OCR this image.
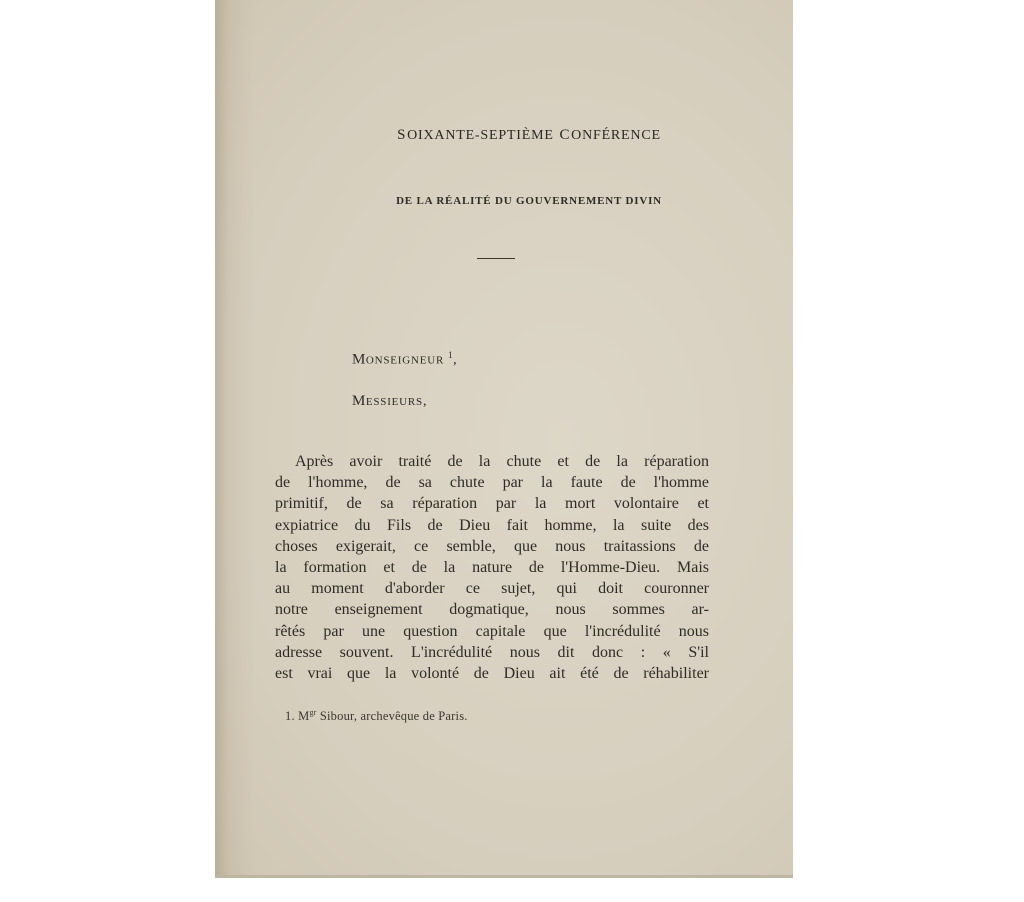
SOIXANTE-SEPTIÈME CONFÉRENCE
DE LA RÉALITÉ DU GOUVERNEMENT DIVIN
MONSEIGNEUR $^1$,
MESSIEURS,
Après avoir traité de la chute et de la réparation
de l'homme, de sa chute par la faute de l'homme
primitif, de sa réparation par la mort volontaire et
expiatrice du Fils de Dieu fait homme, la suite des
choses exigerait, ce semble, que nous traitassions de
la formation et de la nature de l'Homme-Dieu. Mais
au moment d'aborder ce sujet, qui doit couronner
notre enseignement dogmatique, nous sommes ar-
rêtés par une question capitale que l'incrédulité nous
adresse souvent. L'incrédulité nous dit donc : « S'il
est vrai que la volonté de Dieu ait été de réhabiliter
1. $M^{gr}$ Sibour, archevêque de Paris.
